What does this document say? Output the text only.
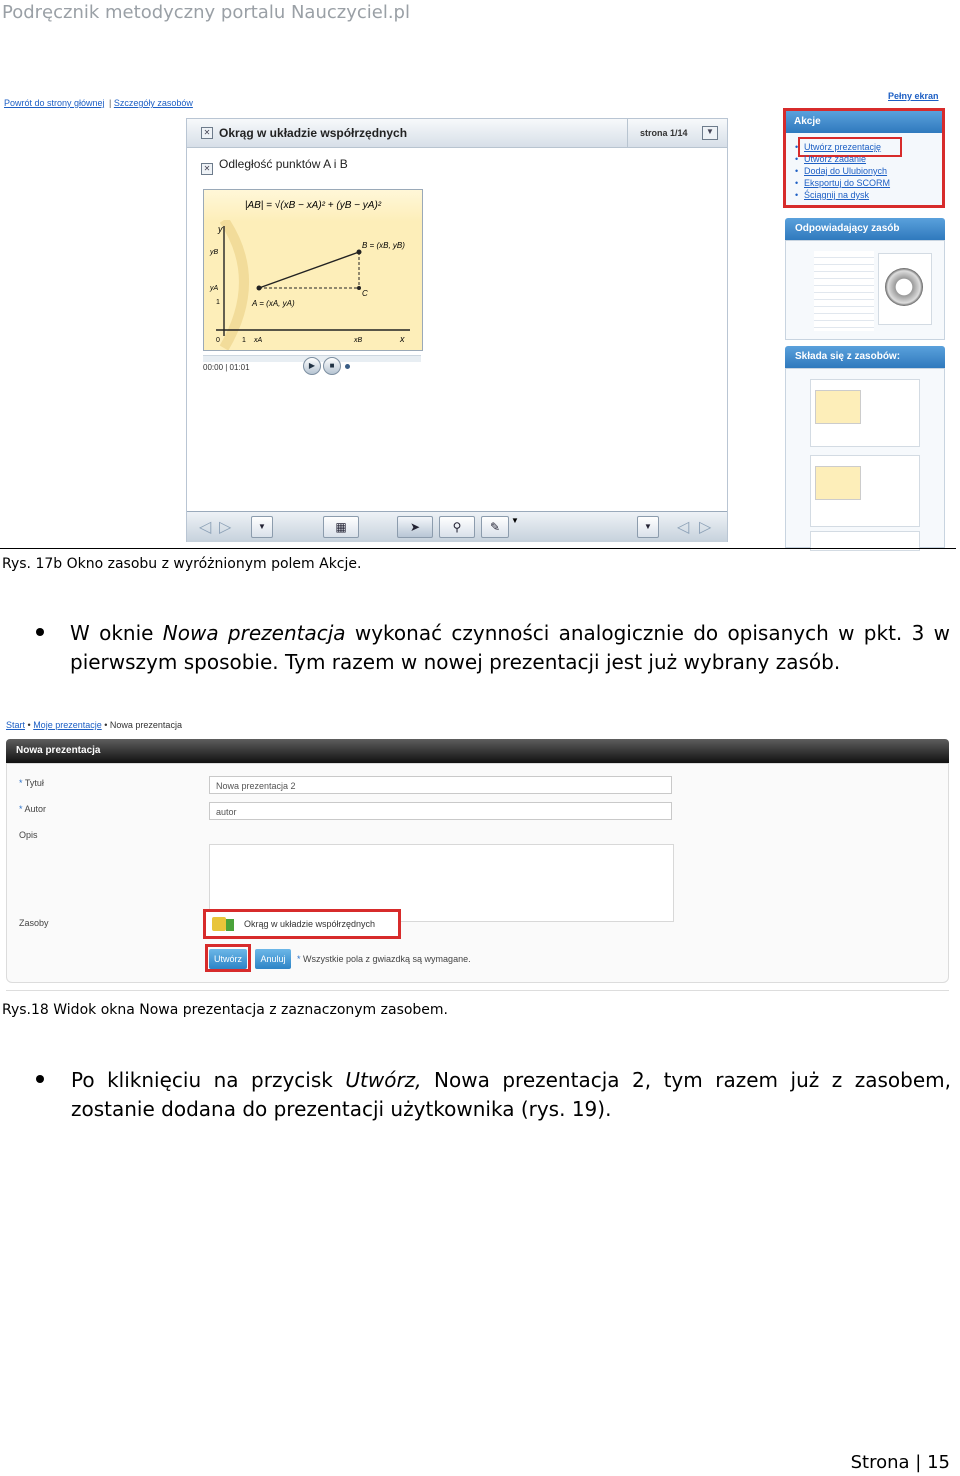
Podręcznik metodyczny portalu Nauczyciel.pl
Powrót do strony głównej | Szczegóły zasobów
Pełny ekran
✕ Okrąg w układzie współrzędnych	strona 1/14	▼
✕ Odległość punktów A i B
|AB| = √(xB − xA)² + (yB − yA)²
y
yB
yA
1
0	1 xA	xB	x
A = (xA, yA)
B = (xB, yB)
C
00:00 | 01:01	▶	■
◁ ▷	▼	▦	➤	⚲	✎	▼
▼	◁ ▷
Akcje
• Utwórz prezentację
• Utwórz zadanie
• Dodaj do Ulubionych
• Eksportuj do SCORM
• Ściągnij na dysk
Odpowiadający zasób
Składa się z zasobów:
Rys. 17b Okno zasobu z wyróżnionym polem Akcje.
W oknie Nowa prezentacja wykonać czynności analogicznie do opisanych w pkt. 3 w pierwszym sposobie. Tym razem w nowej prezentacji jest już wybrany zasób.
Start • Moje prezentacje • Nowa prezentacja
Nowa prezentacja
* Tytuł	Nowa prezentacja 2
* Autor	autor
Opis
Zasoby	Okrąg w układzie współrzędnych
Utwórz	Anuluj	* Wszystkie pola z gwiazdką są wymagane.
Rys.18 Widok okna Nowa prezentacja z zaznaczonym zasobem.
Po kliknięciu na przycisk Utwórz, Nowa prezentacja 2, tym razem już z zasobem, zostanie dodana do prezentacji użytkownika (rys. 19).
Strona | 15
